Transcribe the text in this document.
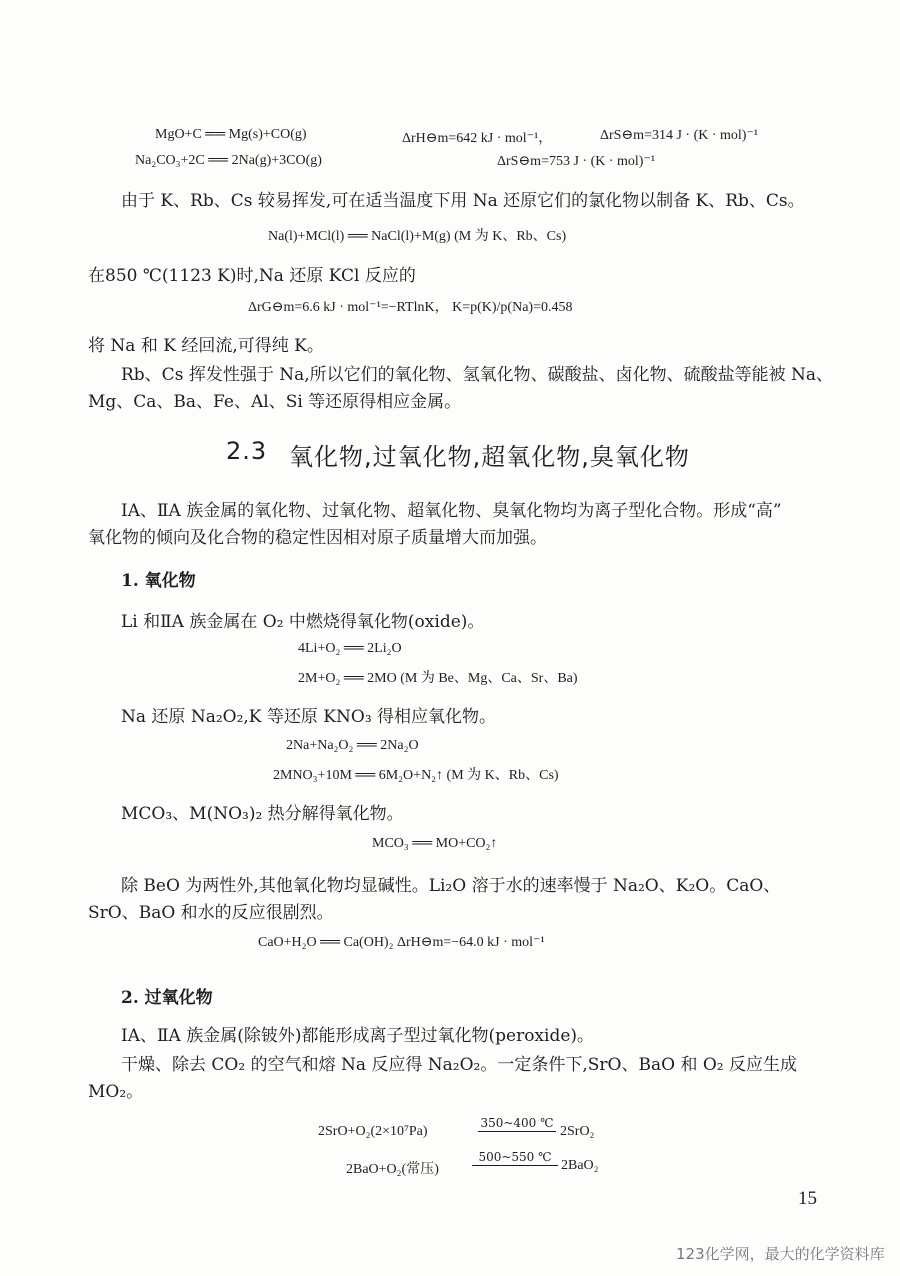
MgO+C ══ Mg(s)+CO(g)	ΔrH⊖m=642 kJ · mol⁻¹，	ΔrS⊖m=314 J · (K · mol)⁻¹
Na₂CO₃+2C ══ 2Na(g)+3CO(g)	ΔrS⊖m=753 J · (K · mol)⁻¹
由于 K、Rb、Cs 较易挥发,可在适当温度下用 Na 还原它们的氯化物以制备 K、Rb、Cs。
Na(l)+MCl(l) ══ NaCl(l)+M(g) (M 为 K、Rb、Cs)
在850 ℃(1123 K)时,Na 还原 KCl 反应的
ΔrG⊖m=6.6 kJ · mol⁻¹=−RTlnK， K=p(K)/p(Na)=0.458
将 Na 和 K 经回流,可得纯 K。
Rb、Cs 挥发性强于 Na,所以它们的氧化物、氢氧化物、碳酸盐、卤化物、硫酸盐等能被 Na、
Mg、Ca、Ba、Fe、Al、Si 等还原得相应金属。
2.3 氧化物,过氧化物,超氧化物,臭氧化物
ⅠA、ⅡA 族金属的氧化物、过氧化物、超氧化物、臭氧化物均为离子型化合物。形成“高”
氧化物的倾向及化合物的稳定性因相对原子质量增大而加强。
1. 氧化物
Li 和ⅡA 族金属在 O₂ 中燃烧得氧化物(oxide)。
4Li+O₂ ══ 2Li₂O
2M+O₂ ══ 2MO (M 为 Be、Mg、Ca、Sr、Ba)
Na 还原 Na₂O₂,K 等还原 KNO₃ 得相应氧化物。
2Na+Na₂O₂ ══ 2Na₂O
2MNO₃+10M ══ 6M₂O+N₂↑ (M 为 K、Rb、Cs)
MCO₃、M(NO₃)₂ 热分解得氧化物。
MCO₃ ══ MO+CO₂↑
除 BeO 为两性外,其他氧化物均显碱性。Li₂O 溶于水的速率慢于 Na₂O、K₂O。CaO、
SrO、BaO 和水的反应很剧烈。
CaO+H₂O ══ Ca(OH)₂ ΔrH⊖m=−64.0 kJ · mol⁻¹
2. 过氧化物
ⅠA、ⅡA 族金属(除铍外)都能形成离子型过氧化物(peroxide)。
干燥、除去 CO₂ 的空气和熔 Na 反应得 Na₂O₂。一定条件下,SrO、BaO 和 O₂ 反应生成
MO₂。
2SrO+O₂(2×10⁷Pa)
350~400 ℃
2SrO₂
2BaO+O₂(常压)
500~550 ℃
2BaO₂
15
123化学网，最大的化学资料库
